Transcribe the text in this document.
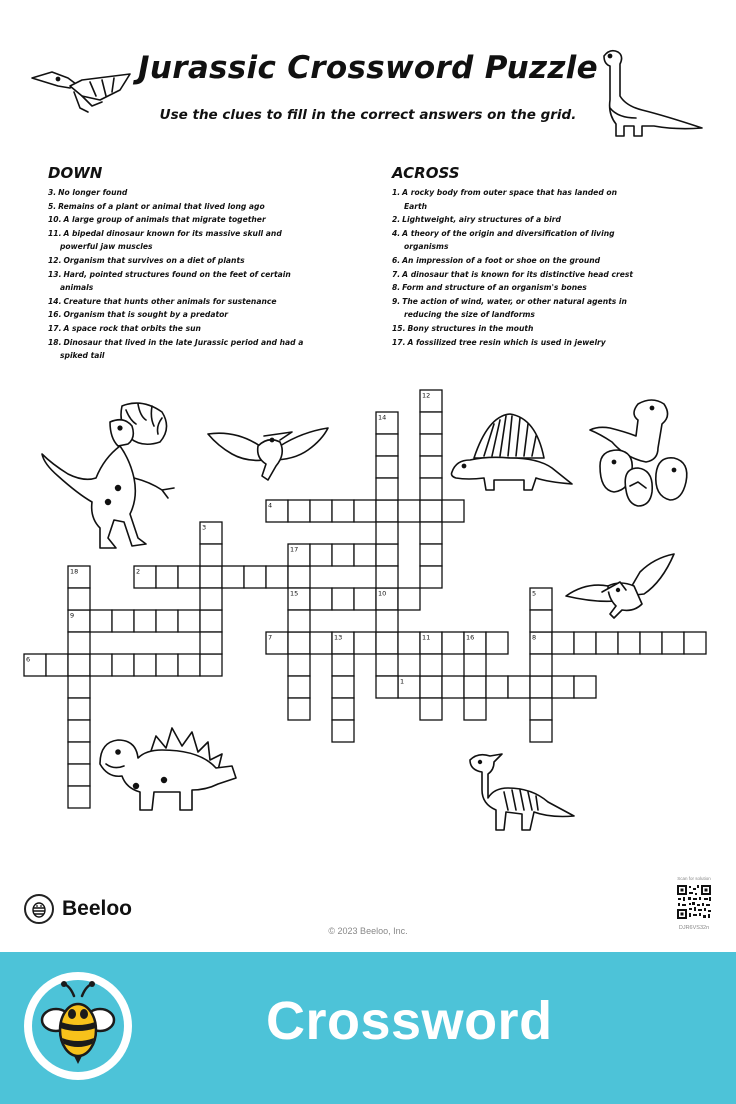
Jurassic Crossword Puzzle
Use the clues to fill in the correct answers on the grid.
DOWN
3. No longer found
5. Remains of a plant or animal that lived long ago
10. A large group of animals that migrate together
11. A bipedal dinosaur known for its massive skull and powerful jaw muscles
12. Organism that survives on a diet of plants
13. Hard, pointed structures found on the feet of certain animals
14. Creature that hunts other animals for sustenance
16. Organism that is sought by a predator
17. A space rock that orbits the sun
18. Dinosaur that lived in the late Jurassic period and had a spiked tail
ACROSS
1. A rocky body from outer space that has landed on Earth
2. Lightweight, airy structures of a bird
4. A theory of the origin and diversification of living organisms
6. An impression of a foot or shoe on the ground
7. A dinosaur that is known for its distinctive head crest
8. Form and structure of an organism's bones
9. The action of wind, water, or other natural agents in reducing the size of landforms
15. Bony structures in the mouth
17. A fossilized tree resin which is used in jewelry
1
2
4
6
7	8
9
15
17
3
5
10
11
12
13
14
16
18
Beeloo
© 2023 Beeloo, Inc.
Scan for solution
DJR6VS32n
Crossword
